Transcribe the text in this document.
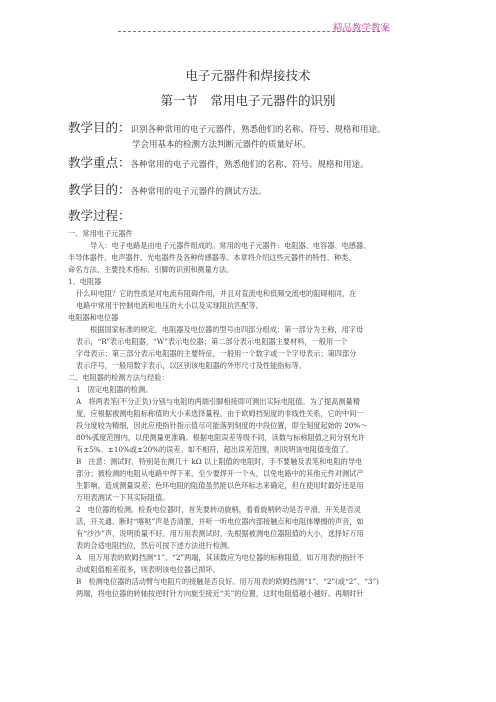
精品教学教案
电子元器件和焊接技术
第一节　常用电子元器件的识别
教学目的：识别各种常用的电子元器件，熟悉他们的名称、符号、规格和用途。
学会用基本的检测方法判断元器件的质量好坏。
教学重点：各种常用的电子元器件，熟悉他们的名称、符号、规格和用途。
教学目的：各种常用的电子元器件的测试方法。
教学过程：
一、常用电子元器件
导入：电子电路是由电子元器件组成的。常用的电子元器件：电阻器、电容器、电感器、
半导体器件、电声器件、光电器件及各种传感器等。本章将介绍这些元器件的特性、种类、
命名方法、主要技术指标、引脚的识别和测量方法。
1、电阻器
什么叫电阻？它的性质是对电流有阻碍作用，并且对直流电和低频交流电的阻碍相同，在
电路中常用于控制电流和电压的大小以及实现阻抗匹配等。
电阻器和电位器
根据国家标准的规定，电阻器及电位器的型号由四部分组成：第一部分为主称，用字母
表示，“R”表示电阻器，“W”表示电位器；第二部分表示电阻器主要材料，一般用一个
字母表示；第三部分表示电阻器的主要特征，一般用一个数字或一个字母表示；第四部分
表示序号，一般用数字表示，以区别该电阻器的外形尺寸及性能指标等。
二、电阻器的检测方法与经验：
1　固定电阻器的检测。
A　将两表笔(不分正负)分别与电阻的两端引脚相接即可测出实际电阻值。为了提高测量精
度，应根据被测电阻标称值的大小来选择量程。由于欧姆挡刻度的非线性关系，它的中间一
段分度较为精细，因此应使指针指示值尽可能落到刻度的中段位置，即全刻度起始的 20%～
80%弧度范围内，以使测量更准确。根据电阻误差等级不同，读数与标称阻值之间分别允许
有±5%、±10%或±20%的误差。如不相符，超出误差范围，则说明该电阻值变值了。
B　注意：测试时，特别是在测几十 kΩ 以上阻值的电阻时，手不要触及表笔和电阻的导电
部分；被检测的电阻从电路中焊下来，至少要焊开一个头，以免电路中的其他元件对测试产
生影响，造成测量误差；色环电阻的阻值虽然能以色环标志来确定，但在使用时最好还是用
万用表测试一下其实际阻值。
2　电位器的检测。检查电位器时，首先要转动旋柄，看看旋柄转动是否平滑，开关是否灵
活，开关通、断时“喀哒”声是否清脆，并听一听电位器内部接触点和电阻体摩擦的声音，如
有“沙沙”声，说明质量不好。用万用表测试时，先根据被测电位器阻值的大小，选择好万用
表的合适电阻挡位，然后可按下述方法进行检测。
A　用万用表的欧姆挡测“1”、“2”两端，其读数应为电位器的标称阻值，如万用表的指针不
动或阻值相差很多，则表明该电位器已损坏。
B　检测电位器的活动臂与电阻片的接触是否良好。用万用表的欧姆挡测“1”、“2”(或“2”、“3”)
两端，将电位器的转轴按逆时针方向旋至接近“关”的位置，这时电阻值越小越好。再顺时针
